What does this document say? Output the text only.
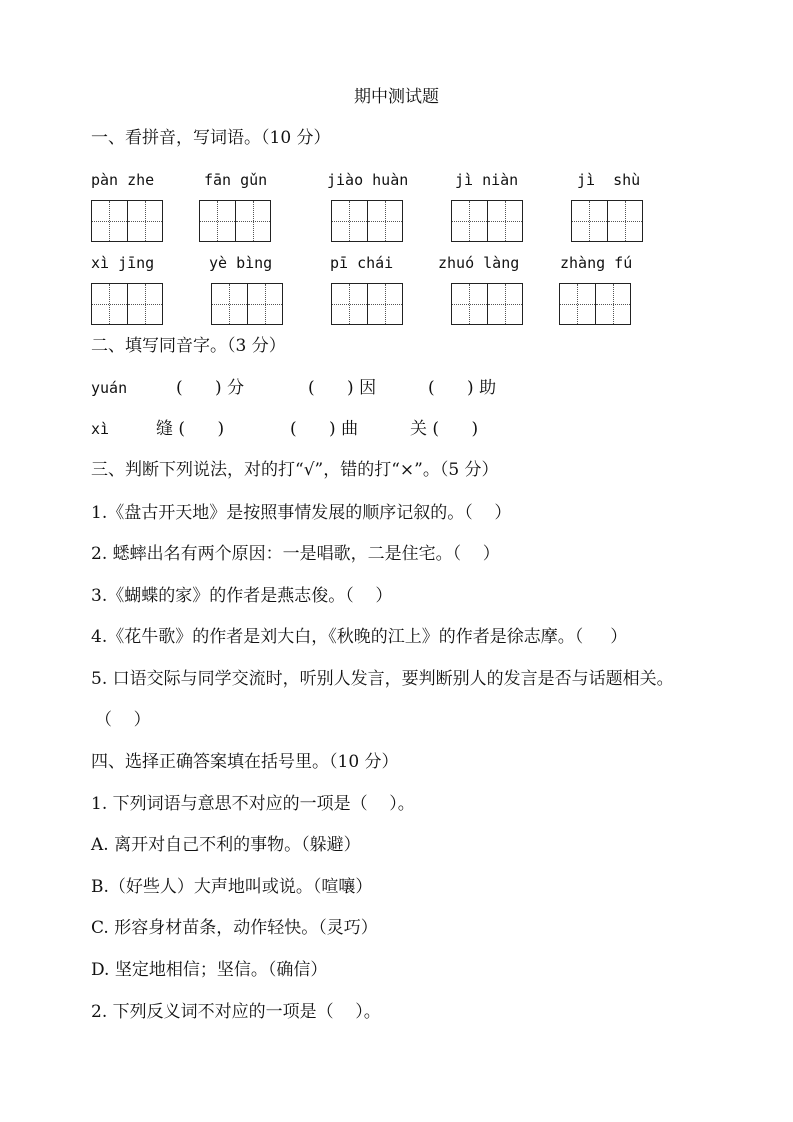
期中测试题
一、看拼音，写词语。（10 分）
pàn zhe	fān gǔn	jiào huàn	jì niàn	jì  shù
xì jīng	yè bìng	pī chái	zhuó làng	zhàng fú
二、填写同音字。（3 分）
yuán	(      ) 分	(      ) 因	(      ) 助
xì	缝 (      )	(      ) 曲	关 (      )
三、判断下列说法，对的打“√”，错的打“×”。（5 分）
1.《盘古开天地》是按照事情发展的顺序记叙的。（    ）
2. 蟋蟀出名有两个原因：一是唱歌，二是住宅。（    ）
3.《蝴蝶的家》的作者是燕志俊。（    ）
4.《花牛歌》的作者是刘大白，《秋晚的江上》的作者是徐志摩。（     ）
5. 口语交际与同学交流时，听别人发言，要判断别人的发言是否与话题相关。
（    ）
四、选择正确答案填在括号里。（10 分）
1. 下列词语与意思不对应的一项是（    ）。
A. 离开对自己不利的事物。（躲避）
B.（好些人）大声地叫或说。（喧嚷）
C. 形容身材苗条，动作轻快。（灵巧）
D. 坚定地相信；坚信。（确信）
2. 下列反义词不对应的一项是（    ）。
